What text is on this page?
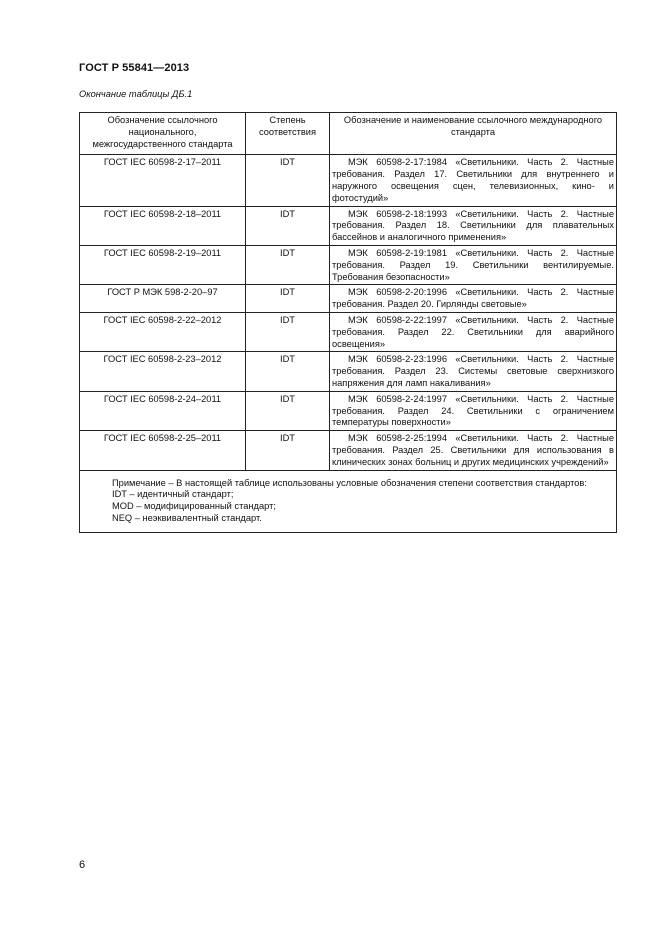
ГОСТ Р 55841—2013
Окончание таблицы ДБ.1
Обозначение ссылочного национального, межгосударственного стандарта	Степень соответствия	Обозначение и наименование ссылочного международного стандарта
ГОСТ IEC 60598-2-17–2011	IDT	МЭК 60598-2-17:1984 «Светильники. Часть 2. Частные требования. Раздел 17. Светильники для внутреннего и наружного освещения сцен, телевизионных, кино- и фотостудий»

ГОСТ IEC 60598-2-18–2011	IDT	МЭК 60598-2-18:1993 «Светильники. Часть 2. Частные требования. Раздел 18. Светильники для плавательных бассейнов и аналогичного применения»

ГОСТ IEC 60598-2-19–2011	IDT	МЭК 60598-2-19:1981 «Светильники. Часть 2. Частные требования. Раздел 19. Светильники вентилируемые. Требования безопасности»

ГОСТ Р МЭК 598-2-20–97	IDT	МЭК 60598-2-20:1996 «Светильники. Часть 2. Частные требования. Раздел 20. Гирлянды световые»

ГОСТ IEC 60598-2-22–2012	IDT	МЭК 60598-2-22:1997 «Светильники. Часть 2. Частные требования. Раздел 22. Светильники для аварийного освещения»

ГОСТ IEC 60598-2-23–2012	IDT	МЭК 60598-2-23:1996 «Светильники. Часть 2. Частные требования. Раздел 23. Системы световые сверхнизкого напряжения для ламп накаливания»

ГОСТ IEC 60598-2-24–2011	IDT	МЭК 60598-2-24:1997 «Светильники. Часть 2. Частные требования. Раздел 24. Светильники с ограничением температуры поверхности»

ГОСТ IEC 60598-2-25–2011	IDT	МЭК 60598-2-25:1994 «Светильники. Часть 2. Частные требования. Раздел 25. Светильники для использования в клинических зонах больниц и других медицинских учреждений»

Примечание – В настоящей таблице использованы условные обозначения степени соответствия стандартов:
IDT – идентичный стандарт;
MOD – модифицированный стандарт;
NEQ – неэквивалентный стандарт.		
6
